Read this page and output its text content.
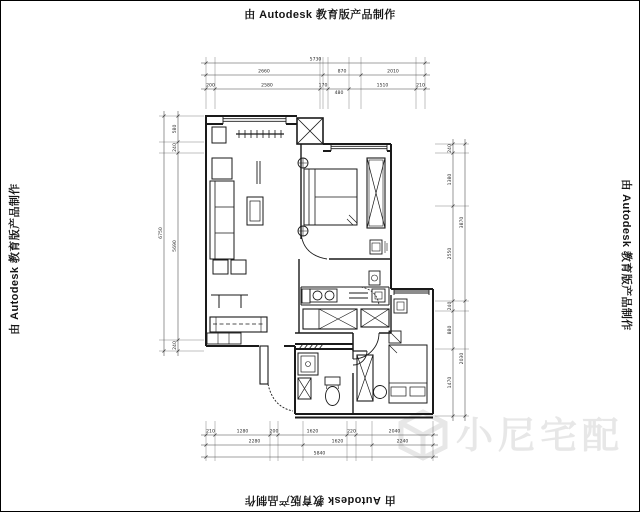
由 Autodesk 教育版产品制作
由 Autodesk 教育版产品制作
由 Autodesk 教育版产品制作	由 Autodesk 教育版产品制作
小尼宅配
5730
2660	870	2010
200	2580	170
480
1510	210
210	1280	200	1620	220	2040
2280	1620	2240
5840
580
240
5690
240
6750
240
1380
2550
240
880
1470
3870
2030
